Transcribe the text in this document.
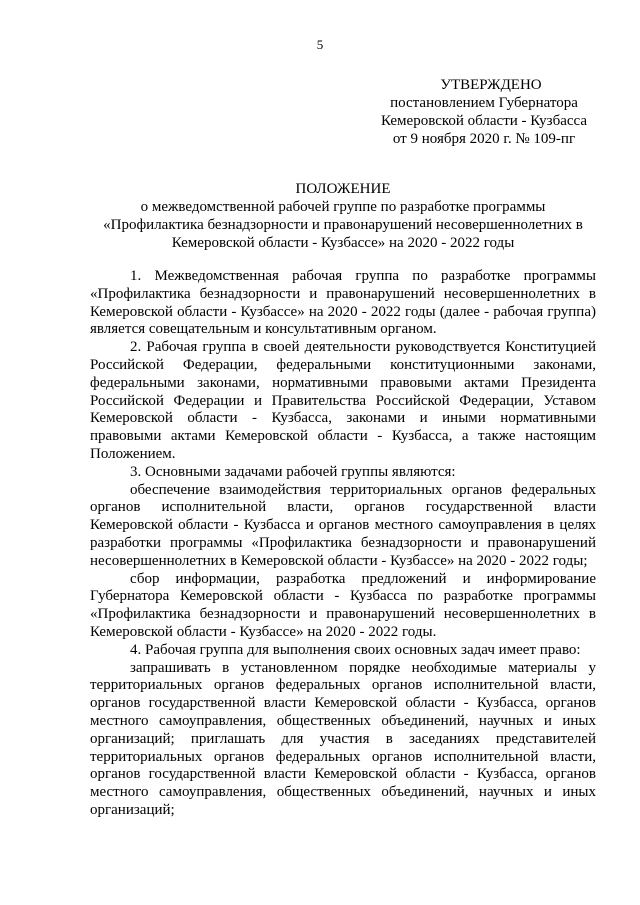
5
УТВЕРЖДЕНО
постановлением Губернатора
Кемеровской области - Кузбасса
от 9 ноября 2020 г. № 109-пг
ПОЛОЖЕНИЕ
о межведомственной рабочей группе по разработке программы «Профилактика безнадзорности и правонарушений несовершеннолетних в Кемеровской области - Кузбассе» на 2020 - 2022 годы

1. Межведомственная рабочая группа по разработке программы «Профилактика безнадзорности и правонарушений несовершеннолетних в Кемеровской области - Кузбассе» на 2020 - 2022 годы (далее - рабочая группа) является совещательным и консультативным органом.

2. Рабочая группа в своей деятельности руководствуется Конституцией Российской Федерации, федеральными конституционными законами, федеральными законами, нормативными правовыми актами Президента Российской Федерации и Правительства Российской Федерации, Уставом Кемеровской области - Кузбасса, законами и иными нормативными правовыми актами Кемеровской области - Кузбасса, а также настоящим Положением.

3. Основными задачами рабочей группы являются:

обеспечение взаимодействия территориальных органов федеральных органов исполнительной власти, органов государственной власти Кемеровской области - Кузбасса и органов местного самоуправления в целях разработки программы «Профилактика безнадзорности и правонарушений несовершеннолетних в Кемеровской области - Кузбассе» на 2020 - 2022 годы;

сбор информации, разработка предложений и информирование Губернатора Кемеровской области - Кузбасса по разработке программы «Профилактика безнадзорности и правонарушений несовершеннолетних в Кемеровской области - Кузбассе» на 2020 - 2022 годы.

4. Рабочая группа для выполнения своих основных задач имеет право:

запрашивать в установленном порядке необходимые материалы у территориальных органов федеральных органов исполнительной власти, органов государственной власти Кемеровской области - Кузбасса, органов местного самоуправления, общественных объединений, научных и иных организаций; приглашать для участия в заседаниях представителей территориальных органов федеральных органов исполнительной власти, органов государственной власти Кемеровской области - Кузбасса, органов местного самоуправления, общественных объединений, научных и иных организаций;
